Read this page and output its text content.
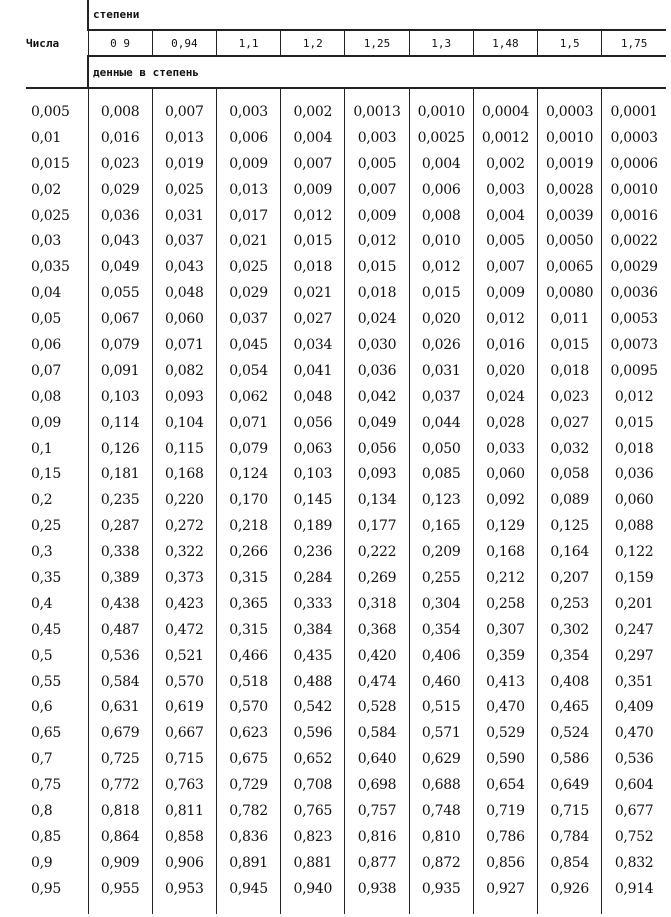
Числа	степени								
	0 9	0,94	1,1	1,2	1,25	1,3	1,48	1,5	1,75
	денные в степень								

0,005	0,008	0,007	0,003	0,002	0,0013	0,0010	0,0004	0,0003	0,0001
0,01	0,016	0,013	0,006	0,004	0,003	0,0025	0,0012	0,0010	0,0003
0,015	0,023	0,019	0,009	0,007	0,005	0,004	0,002	0,0019	0,0006
0,02	0,029	0,025	0,013	0,009	0,007	0,006	0,003	0,0028	0,0010
0,025	0,036	0,031	0,017	0,012	0,009	0,008	0,004	0,0039	0,0016
0,03	0,043	0,037	0,021	0,015	0,012	0,010	0,005	0,0050	0,0022
0,035	0,049	0,043	0,025	0,018	0,015	0,012	0,007	0,0065	0,0029
0,04	0,055	0,048	0,029	0,021	0,018	0,015	0,009	0,0080	0,0036
0,05	0,067	0,060	0,037	0,027	0,024	0,020	0,012	0,011	0,0053
0,06	0,079	0,071	0,045	0,034	0,030	0,026	0,016	0,015	0,0073
0,07	0,091	0,082	0,054	0,041	0,036	0,031	0,020	0,018	0,0095
0,08	0,103	0,093	0,062	0,048	0,042	0,037	0,024	0,023	0,012
0,09	0,114	0,104	0,071	0,056	0,049	0,044	0,028	0,027	0,015
0,1	0,126	0,115	0,079	0,063	0,056	0,050	0,033	0,032	0,018
0,15	0,181	0,168	0,124	0,103	0,093	0,085	0,060	0,058	0,036
0,2	0,235	0,220	0,170	0,145	0,134	0,123	0,092	0,089	0,060
0,25	0,287	0,272	0,218	0,189	0,177	0,165	0,129	0,125	0,088
0,3	0,338	0,322	0,266	0,236	0,222	0,209	0,168	0,164	0,122
0,35	0,389	0,373	0,315	0,284	0,269	0,255	0,212	0,207	0,159
0,4	0,438	0,423	0,365	0,333	0,318	0,304	0,258	0,253	0,201
0,45	0,487	0,472	0,315	0,384	0,368	0,354	0,307	0,302	0,247
0,5	0,536	0,521	0,466	0,435	0,420	0,406	0,359	0,354	0,297
0,55	0,584	0,570	0,518	0,488	0,474	0,460	0,413	0,408	0,351
0,6	0,631	0,619	0,570	0,542	0,528	0,515	0,470	0,465	0,409
0,65	0,679	0,667	0,623	0,596	0,584	0,571	0,529	0,524	0,470
0,7	0,725	0,715	0,675	0,652	0,640	0,629	0,590	0,586	0,536
0,75	0,772	0,763	0,729	0,708	0,698	0,688	0,654	0,649	0,604
0,8	0,818	0,811	0,782	0,765	0,757	0,748	0,719	0,715	0,677
0,85	0,864	0,858	0,836	0,823	0,816	0,810	0,786	0,784	0,752
0,9	0,909	0,906	0,891	0,881	0,877	0,872	0,856	0,854	0,832
0,95	0,955	0,953	0,945	0,940	0,938	0,935	0,927	0,926	0,914
